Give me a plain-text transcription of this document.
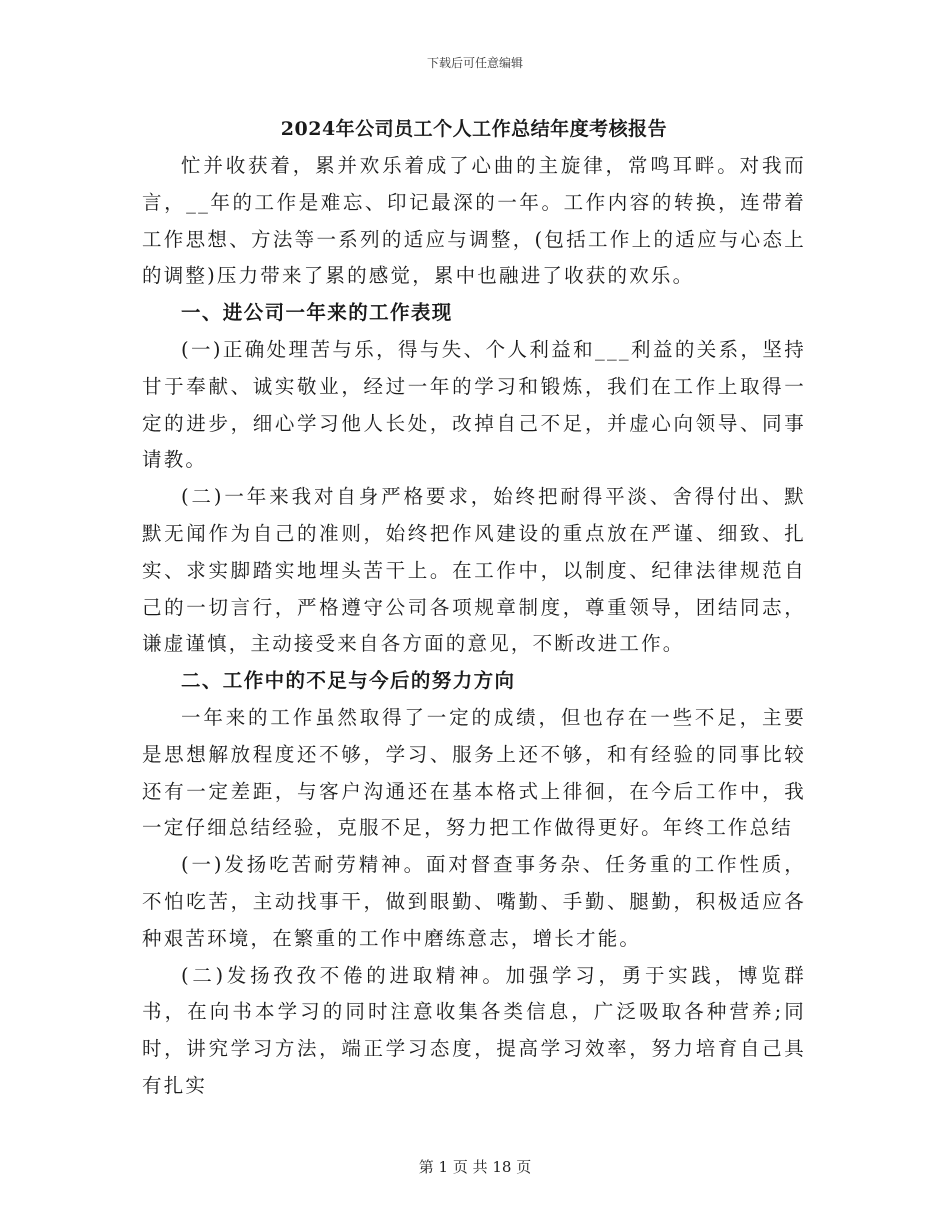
下载后可任意编辑
2024年公司员工个人工作总结年度考核报告

忙并收获着，累并欢乐着成了心曲的主旋律，常鸣耳畔。对我而言，__年的工作是难忘、印记最深的一年。工作内容的转换，连带着工作思想、方法等一系列的适应与调整，(包括工作上的适应与心态上的调整)压力带来了累的感觉，累中也融进了收获的欢乐。

一、进公司一年来的工作表现

(一)正确处理苦与乐，得与失、个人利益和___利益的关系，坚持甘于奉献、诚实敬业，经过一年的学习和锻炼，我们在工作上取得一定的进步，细心学习他人长处，改掉自己不足，并虚心向领导、同事请教。

(二)一年来我对自身严格要求，始终把耐得平淡、舍得付出、默默无闻作为自己的准则，始终把作风建设的重点放在严谨、细致、扎实、求实脚踏实地埋头苦干上。在工作中，以制度、纪律法律规范自己的一切言行，严格遵守公司各项规章制度，尊重领导，团结同志，谦虚谨慎，主动接受来自各方面的意见，不断改进工作。

二、工作中的不足与今后的努力方向

一年来的工作虽然取得了一定的成绩，但也存在一些不足，主要是思想解放程度还不够，学习、服务上还不够，和有经验的同事比较还有一定差距，与客户沟通还在基本格式上徘徊，在今后工作中，我一定仔细总结经验，克服不足，努力把工作做得更好。年终工作总结

(一)发扬吃苦耐劳精神。面对督查事务杂、任务重的工作性质，不怕吃苦，主动找事干，做到眼勤、嘴勤、手勤、腿勤，积极适应各种艰苦环境，在繁重的工作中磨练意志，增长才能。

(二)发扬孜孜不倦的进取精神。加强学习，勇于实践，博览群书，在向书本学习的同时注意收集各类信息，广泛吸取各种营养;同时，讲究学习方法，端正学习态度，提高学习效率，努力培育自己具有扎实

第 1 页 共 18 页
